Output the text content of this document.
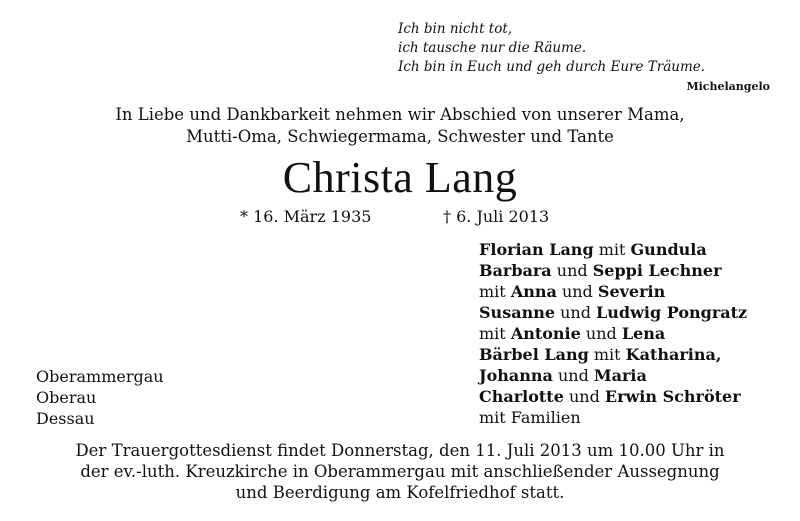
Ich bin nicht tot,
ich tausche nur die Räume.
Ich bin in Euch und geh durch Eure Träume.
Michelangelo
In Liebe und Dankbarkeit nehmen wir Abschied von unserer Mama,
Mutti-Oma, Schwiegermama, Schwester und Tante
Christa Lang
* 16. März 1935	† 6. Juli 2013
Florian Lang mit Gundula
Barbara und Seppi Lechner
mit Anna und Severin
Susanne und Ludwig Pongratz
mit Antonie und Lena
Bärbel Lang mit Katharina,
Johanna und Maria
Charlotte und Erwin Schröter
mit Familien
Oberammergau
Oberau
Dessau
Der Trauergottesdienst findet Donnerstag, den 11. Juli 2013 um 10.00 Uhr in
der ev.-luth. Kreuzkirche in Oberammergau mit anschließender Aussegnung
und Beerdigung am Kofelfriedhof statt.
